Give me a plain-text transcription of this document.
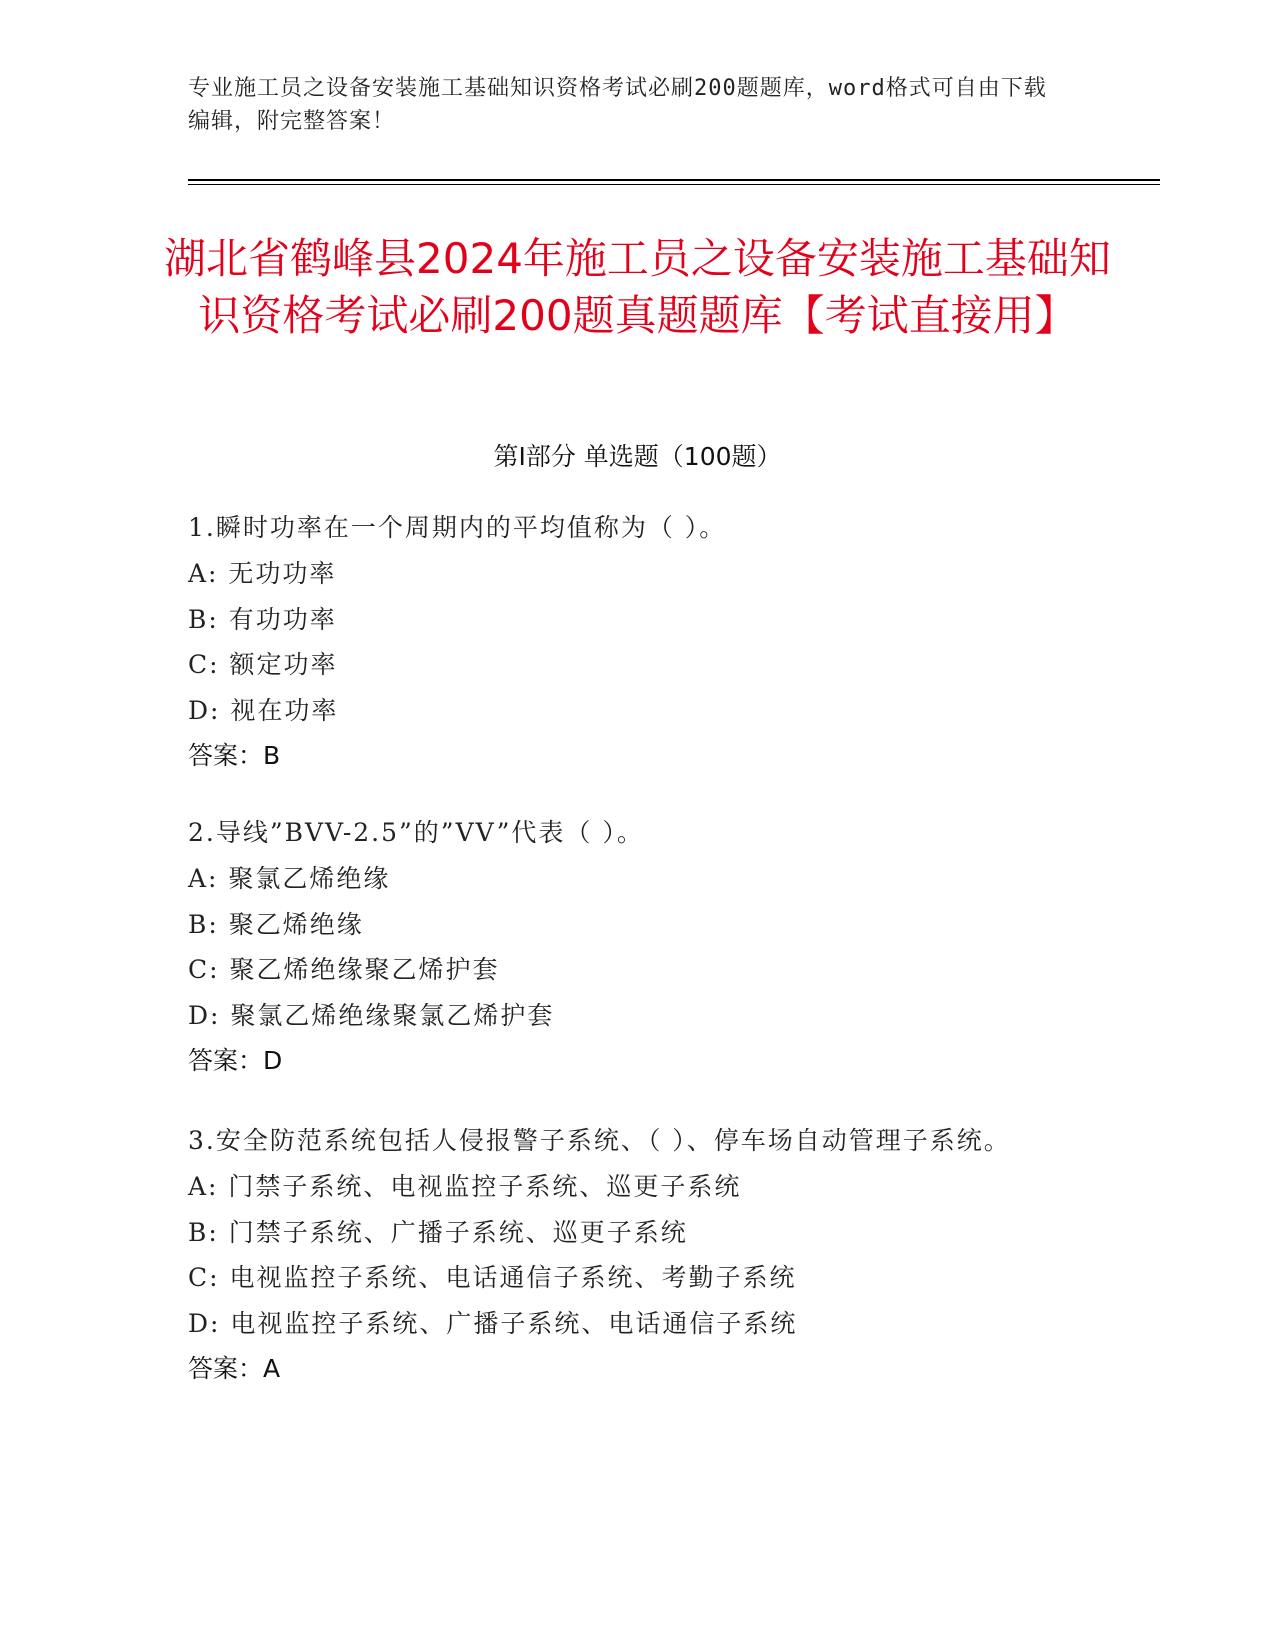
专业施工员之设备安装施工基础知识资格考试必刷200题题库，word格式可自由下载编辑，附完整答案！
湖北省鹤峰县2024年施工员之设备安装施工基础知识资格考试必刷200题真题题库【考试直接用】
第I部分 单选题（100题）
1.瞬时功率在一个周期内的平均值称为（ ）。
A: 无功功率
B: 有功功率
C: 额定功率
D: 视在功率
答案：B
2.导线”BVV-2.5”的”VV”代表（ ）。
A: 聚氯乙烯绝缘
B: 聚乙烯绝缘
C: 聚乙烯绝缘聚乙烯护套
D: 聚氯乙烯绝缘聚氯乙烯护套
答案：D
3.安全防范系统包括人侵报警子系统、（ ）、停车场自动管理子系统。
A: 门禁子系统、电视监控子系统、巡更子系统
B: 门禁子系统、广播子系统、巡更子系统
C: 电视监控子系统、电话通信子系统、考勤子系统
D: 电视监控子系统、广播子系统、电话通信子系统
答案：A
